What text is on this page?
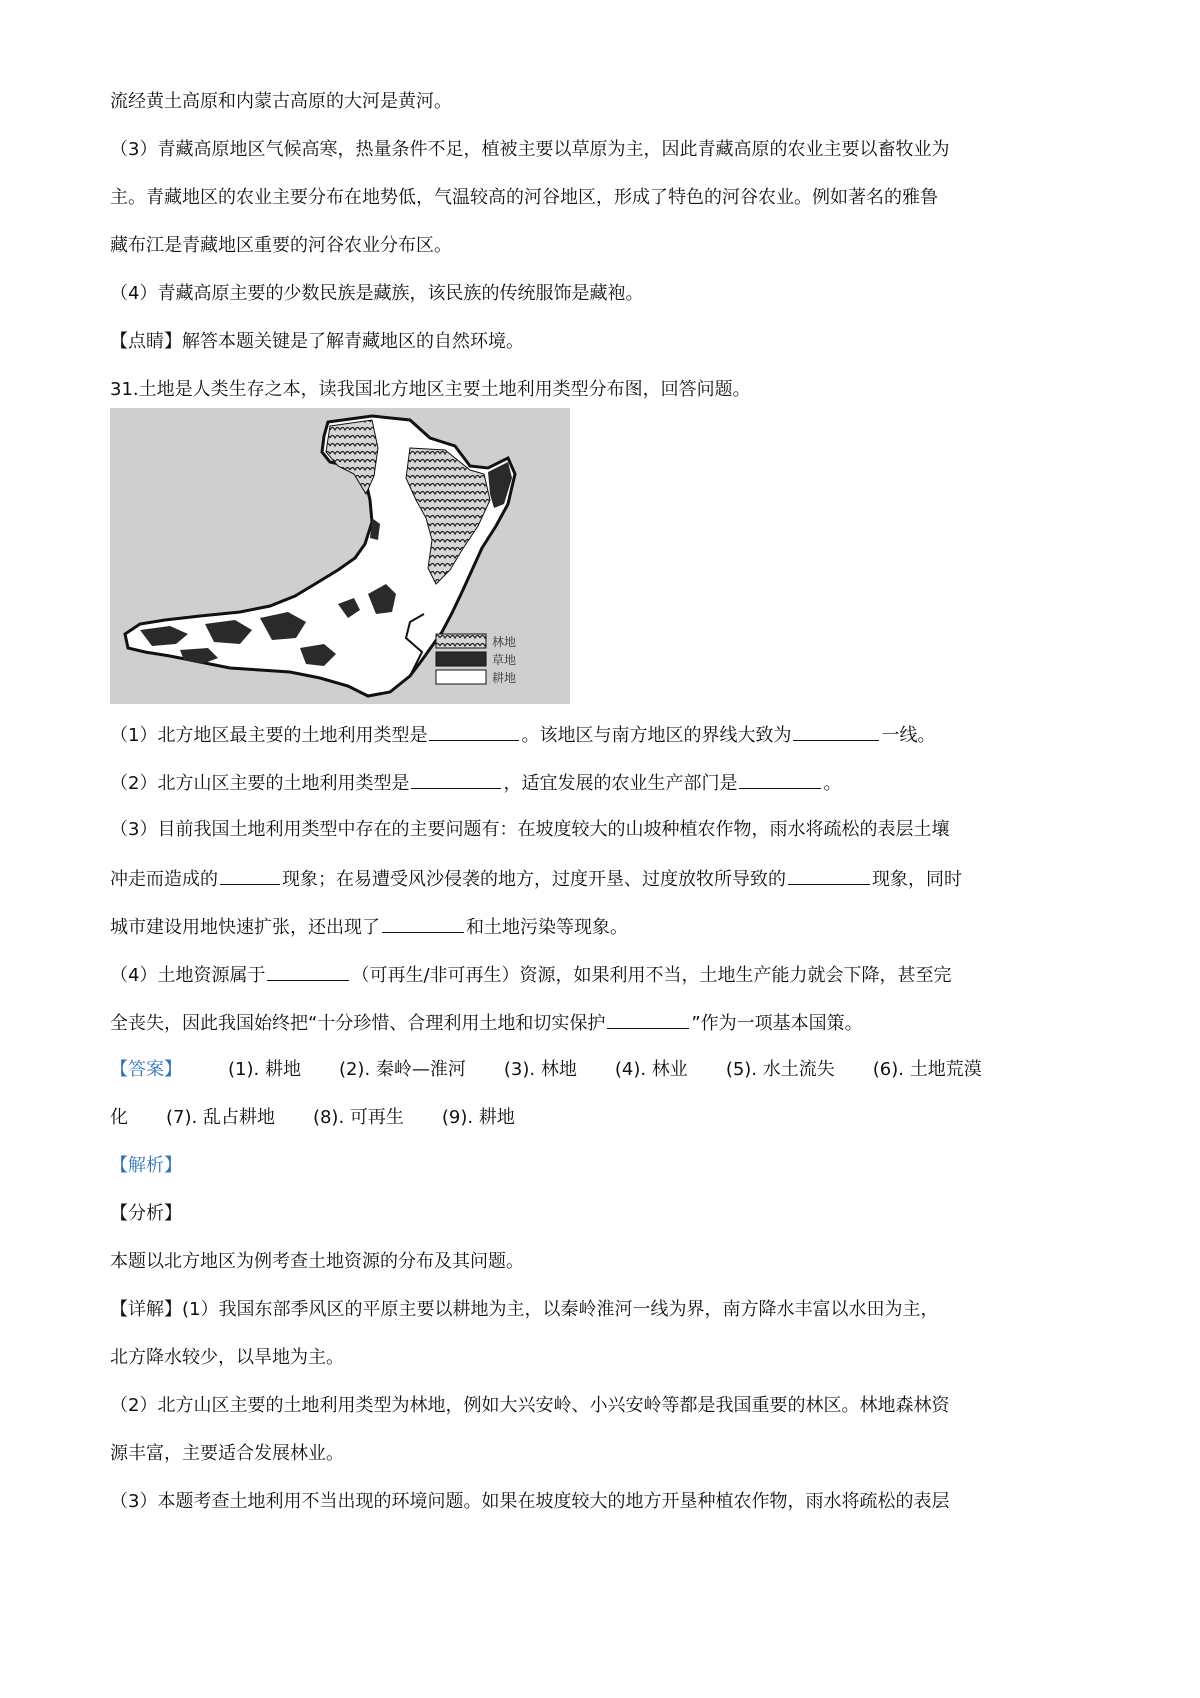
流经黄土高原和内蒙古高原的大河是黄河。
（3）青藏高原地区气候高寒，热量条件不足，植被主要以草原为主，因此青藏高原的农业主要以畜牧业为
主。青藏地区的农业主要分布在地势低，气温较高的河谷地区，形成了特色的河谷农业。例如著名的雅鲁
藏布江是青藏地区重要的河谷农业分布区。
（4）青藏高原主要的少数民族是藏族，该民族的传统服饰是藏袍。
【点睛】解答本题关键是了解青藏地区的自然环境。
31.土地是人类生存之本，读我国北方地区主要土地利用类型分布图，回答问题。
林地
草地
耕地
（1）北方地区最主要的土地利用类型是	。该地区与南方地区的界线大致为	一线。
（2）北方山区主要的土地利用类型是	，适宜发展的农业生产部门是	。
（3）目前我国土地利用类型中存在的主要问题有：在坡度较大的山坡种植农作物，雨水将疏松的表层土壤
冲走而造成的	现象；在易遭受风沙侵袭的地方，过度开垦、过度放牧所导致的	现象，同时
城市建设用地快速扩张，还出现了	和土地污染等现象。
（4）土地资源属于	（可再生/非可再生）资源，如果利用不当，土地生产能力就会下降，甚至完
全丧失，因此我国始终把“十分珍惜、合理利用土地和切实保护	”作为一项基本国策。
【答案】	(1). 耕地 (2). 秦岭—淮河 (3). 林地 (4). 林业 (5). 水土流失 (6). 土地荒漠
化 (7). 乱占耕地 (8). 可再生 (9). 耕地
【解析】
【分析】
本题以北方地区为例考查土地资源的分布及其问题。
【详解】(1）我国东部季风区的平原主要以耕地为主，以秦岭淮河一线为界，南方降水丰富以水田为主，
北方降水较少，以旱地为主。
（2）北方山区主要的土地利用类型为林地，例如大兴安岭、小兴安岭等都是我国重要的林区。林地森林资
源丰富，主要适合发展林业。
（3）本题考查土地利用不当出现的环境问题。如果在坡度较大的地方开垦种植农作物，雨水将疏松的表层
